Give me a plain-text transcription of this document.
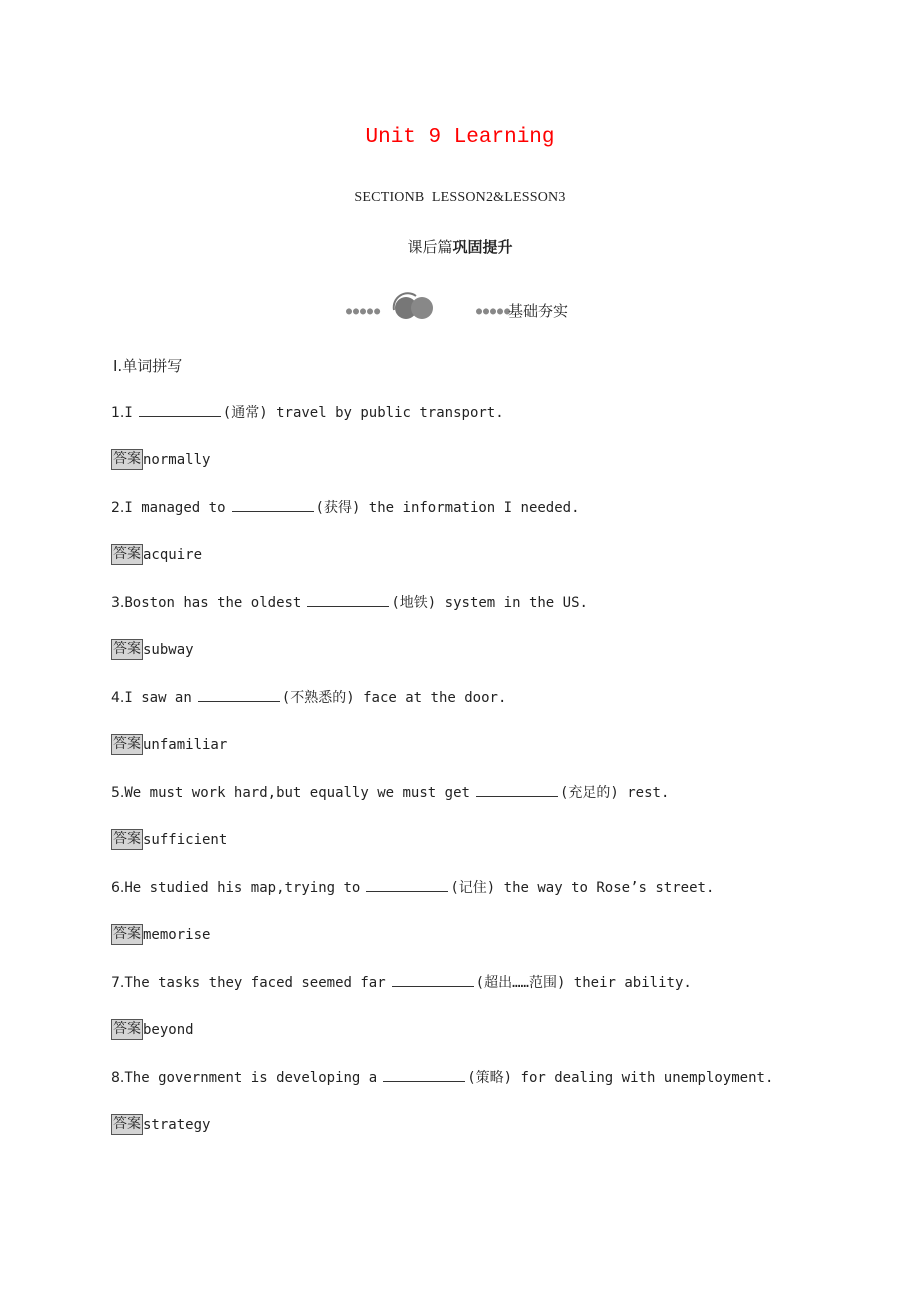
Unit 9 Learning
SECTIONB  LESSON2&LESSON3
课后篇巩固提升
●●●●●	●●●●●
基础夯实
Ⅰ.单词拼写
1.I	(通常) travel by public transport.
答案 normally
2.I managed to	(获得) the information I needed.
答案 acquire
3.Boston has the oldest	(地铁) system in the US.
答案 subway
4.I saw an	(不熟悉的) face at the door.
答案 unfamiliar
5.We must work hard,but equally we must get	(充足的) rest.
答案 sufficient
6.He studied his map,trying to	(记住) the way to Rose’s street.
答案 memorise
7.The tasks they faced seemed far	(超出……范围) their ability.
答案 beyond
8.The government is developing a	(策略) for dealing with unemployment.
答案 strategy
